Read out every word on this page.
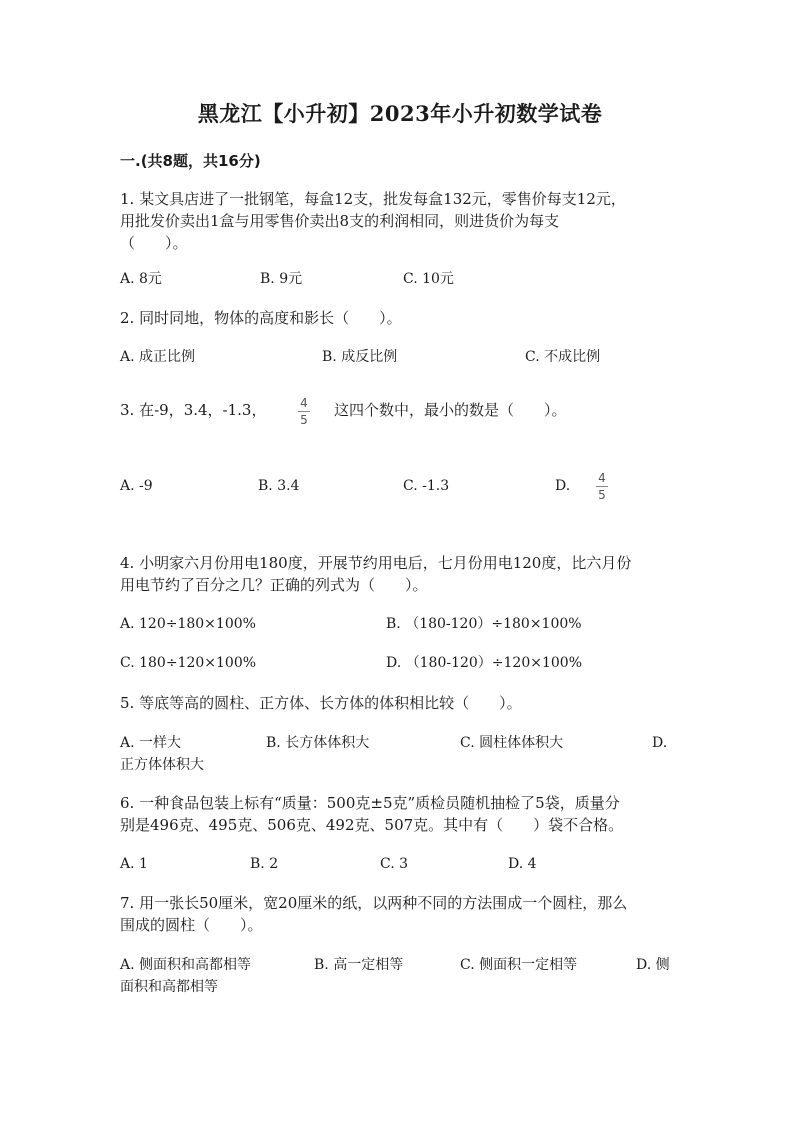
黑龙江【小升初】2023年小升初数学试卷
一.(共8题，共16分)
1. 某文具店进了一批钢笔，每盒12支，批发每盒132元，零售价每支12元，
用批发价卖出1盒与用零售价卖出8支的利润相同，则进货价为每支
（　　）。
A. 8元	B. 9元	C. 10元
2. 同时同地，物体的高度和影长（　　）。
A. 成正比例	B. 成反比例	C. 不成比例
3. 在-9，3.4，-1.3，	4
5
这四个数中，最小的数是（　　）。
A. -9	B. 3.4	C. -1.3	D.	4
5
4. 小明家六月份用电180度，开展节约用电后，七月份用电120度，比六月份
用电节约了百分之几？正确的列式为（　　）。
A. 120÷180×100%	B. （180-120）÷180×100%
C. 180÷120×100%	D. （180-120）÷120×100%
5. 等底等高的圆柱、正方体、长方体的体积相比较（　　）。
A. 一样大	B. 长方体体积大	C. 圆柱体体积大	D.
正方体体积大
6. 一种食品包装上标有“质量：500克±5克”质检员随机抽检了5袋，质量分
别是496克、495克、506克、492克、507克。其中有（　　）袋不合格。
A. 1	B. 2	C. 3	D. 4
7. 用一张长50厘米，宽20厘米的纸，以两种不同的方法围成一个圆柱，那么
围成的圆柱（　　）。
A. 侧面积和高都相等	B. 高一定相等	C. 侧面积一定相等	D. 侧
面积和高都相等
